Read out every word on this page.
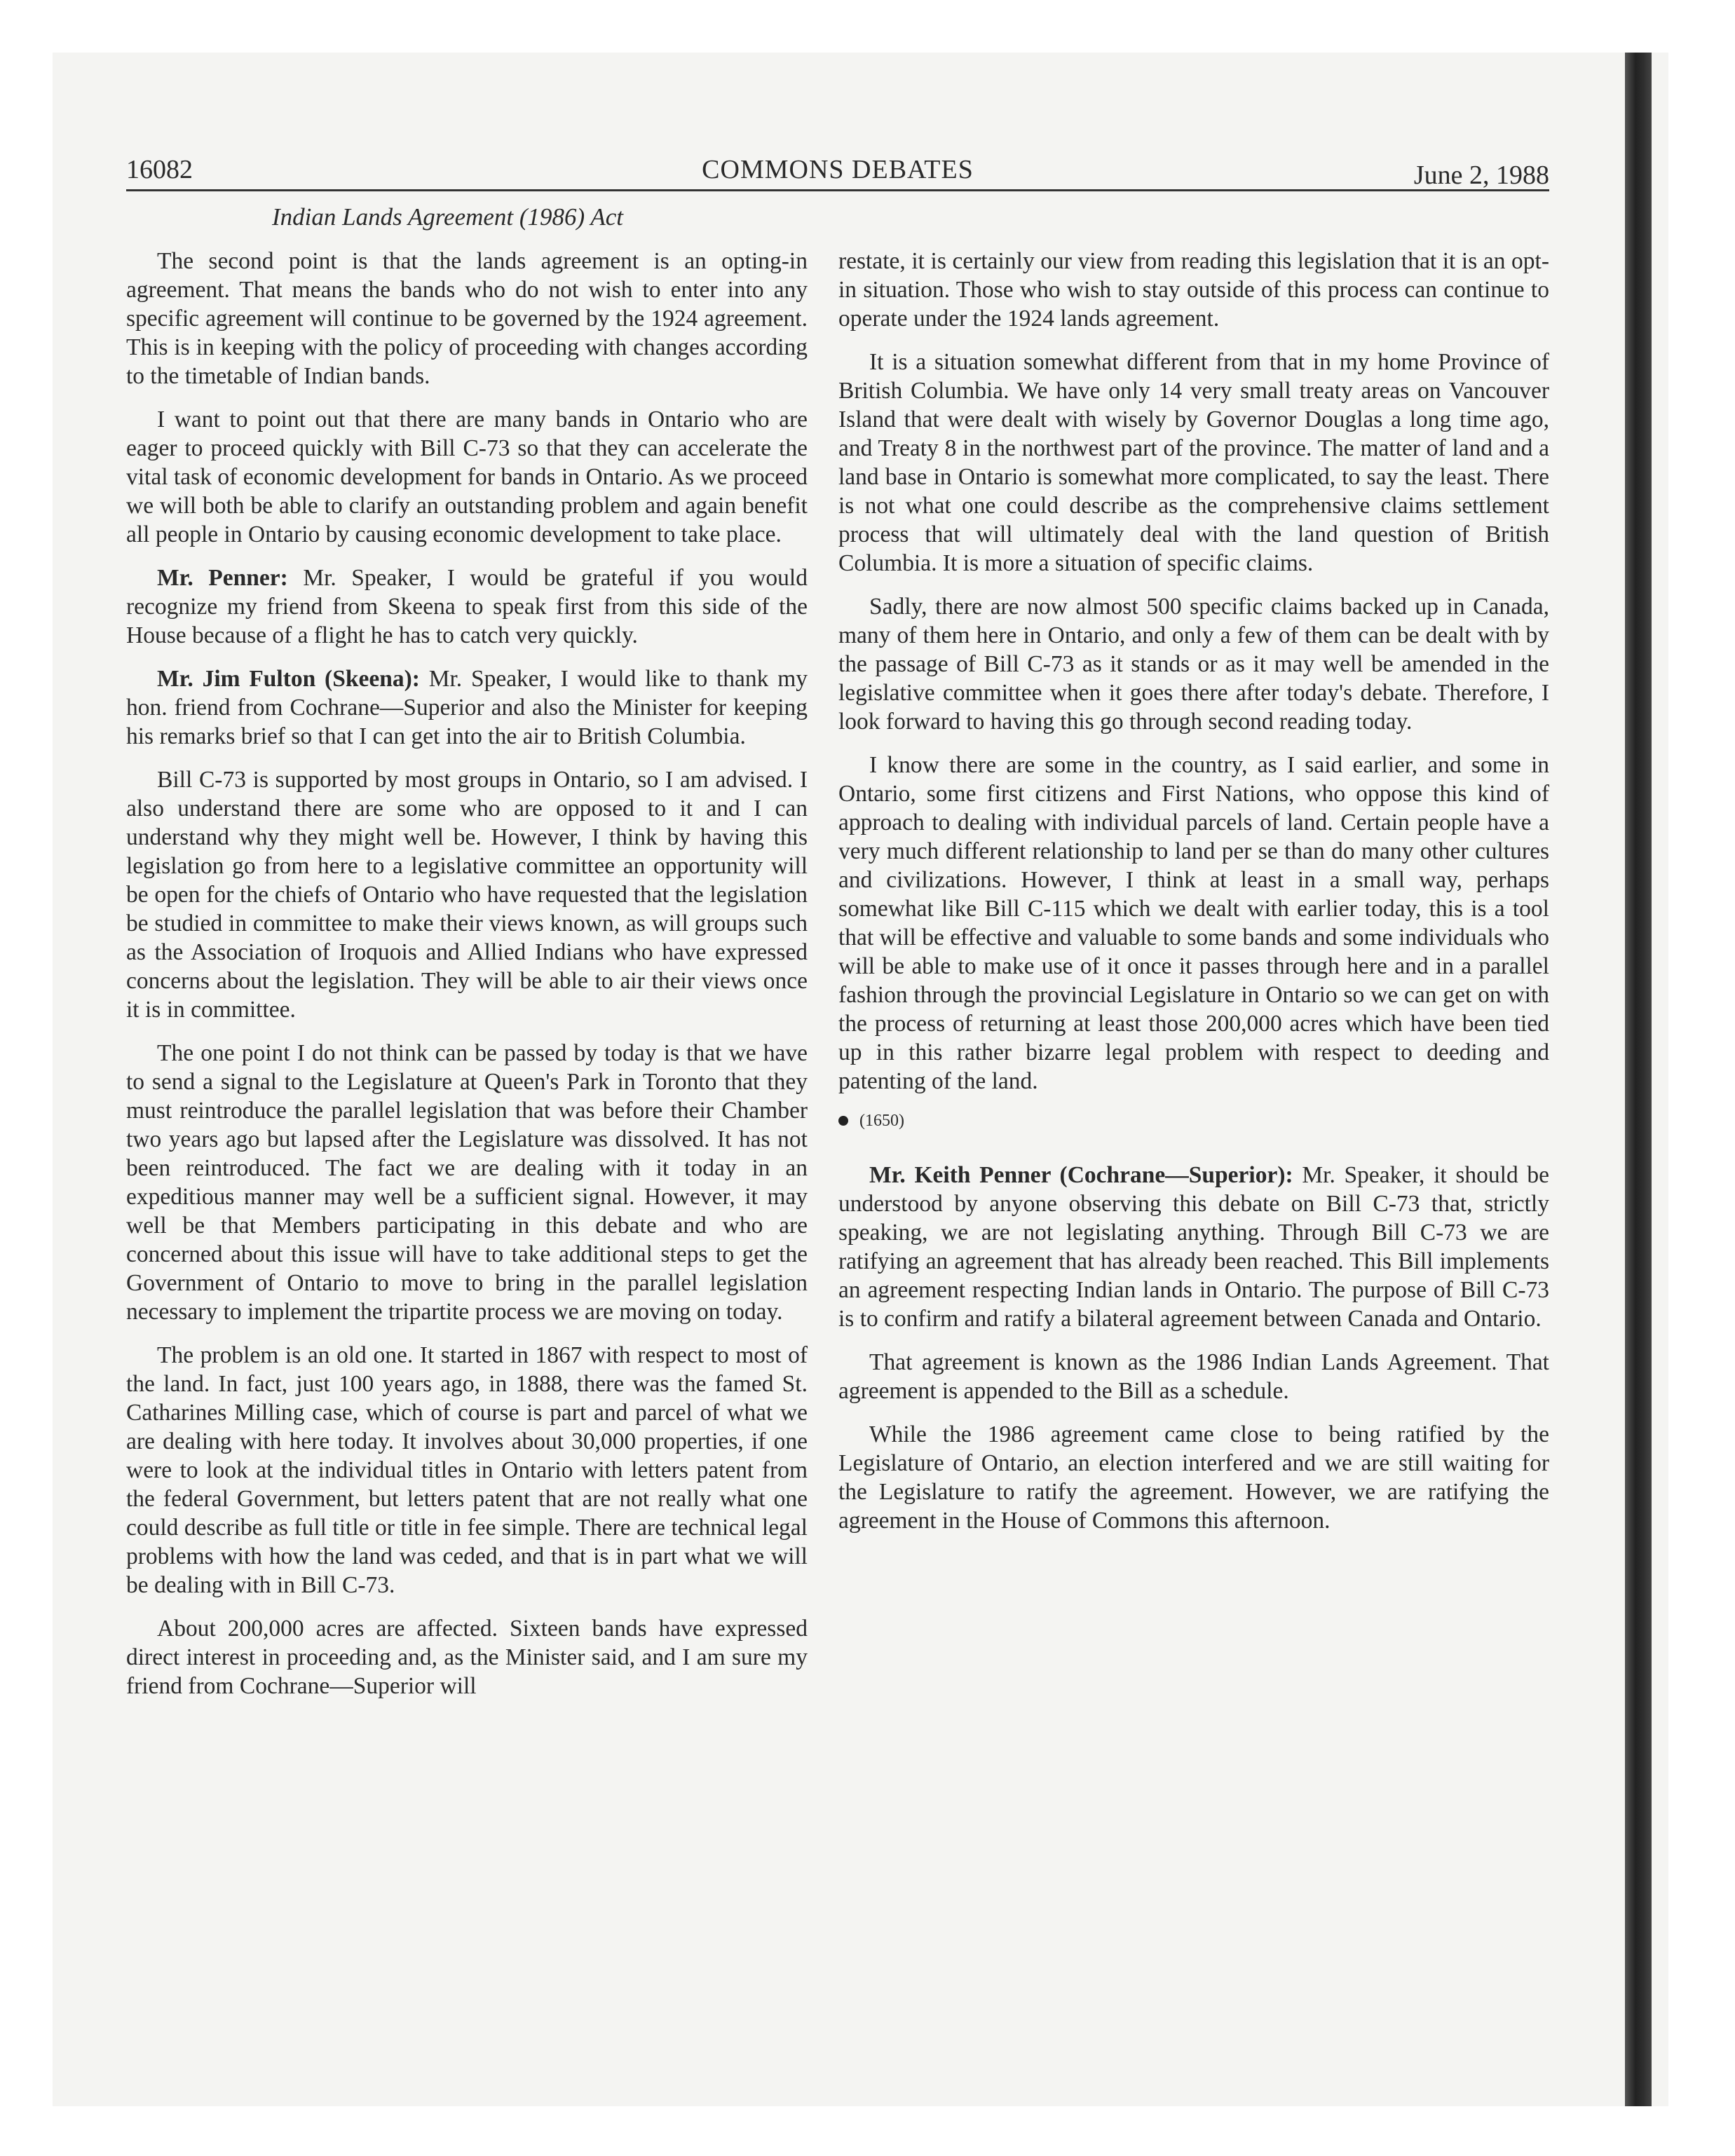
16082	COMMONS DEBATES	June 2, 1988
Indian Lands Agreement (1986) Act

The second point is that the lands agreement is an opting-in agreement. That means the bands who do not wish to enter into any specific agreement will continue to be governed by the 1924 agreement. This is in keeping with the policy of proceeding with changes according to the timetable of Indian bands.

I want to point out that there are many bands in Ontario who are eager to proceed quickly with Bill C-73 so that they can accelerate the vital task of economic development for bands in Ontario. As we proceed we will both be able to clarify an outstanding problem and again benefit all people in Ontario by causing economic development to take place.

Mr. Penner: Mr. Speaker, I would be grateful if you would recognize my friend from Skeena to speak first from this side of the House because of a flight he has to catch very quickly.

Mr. Jim Fulton (Skeena): Mr. Speaker, I would like to thank my hon. friend from Cochrane—Superior and also the Minister for keeping his remarks brief so that I can get into the air to British Columbia.

Bill C-73 is supported by most groups in Ontario, so I am advised. I also understand there are some who are opposed to it and I can understand why they might well be. However, I think by having this legislation go from here to a legislative committee an opportunity will be open for the chiefs of Ontario who have requested that the legislation be studied in committee to make their views known, as will groups such as the Association of Iroquois and Allied Indians who have expressed concerns about the legislation. They will be able to air their views once it is in committee.

The one point I do not think can be passed by today is that we have to send a signal to the Legislature at Queen's Park in Toronto that they must reintroduce the parallel legislation that was before their Chamber two years ago but lapsed after the Legislature was dissolved. It has not been reintroduced. The fact we are dealing with it today in an expeditious manner may well be a sufficient signal. However, it may well be that Members participating in this debate and who are concerned about this issue will have to take additional steps to get the Government of Ontario to move to bring in the parallel legislation necessary to implement the tripartite process we are moving on today.

The problem is an old one. It started in 1867 with respect to most of the land. In fact, just 100 years ago, in 1888, there was the famed St. Catharines Milling case, which of course is part and parcel of what we are dealing with here today. It involves about 30,000 properties, if one were to look at the individual titles in Ontario with letters patent from the federal Government, but letters patent that are not really what one could describe as full title or title in fee simple. There are technical legal problems with how the land was ceded, and that is in part what we will be dealing with in Bill C-73.

About 200,000 acres are affected. Sixteen bands have expressed direct interest in proceeding and, as the Minister said, and I am sure my friend from Cochrane—Superior will

restate, it is certainly our view from reading this legislation that it is an opt-in situation. Those who wish to stay outside of this process can continue to operate under the 1924 lands agreement.

It is a situation somewhat different from that in my home Province of British Columbia. We have only 14 very small treaty areas on Vancouver Island that were dealt with wisely by Governor Douglas a long time ago, and Treaty 8 in the northwest part of the province. The matter of land and a land base in Ontario is somewhat more complicated, to say the least. There is not what one could describe as the comprehensive claims settlement process that will ultimately deal with the land question of British Columbia. It is more a situation of specific claims.

Sadly, there are now almost 500 specific claims backed up in Canada, many of them here in Ontario, and only a few of them can be dealt with by the passage of Bill C-73 as it stands or as it may well be amended in the legislative committee when it goes there after today's debate. Therefore, I look forward to having this go through second reading today.

I know there are some in the country, as I said earlier, and some in Ontario, some first citizens and First Nations, who oppose this kind of approach to dealing with individual parcels of land. Certain people have a very much different relationship to land per se than do many other cultures and civilizations. However, I think at least in a small way, perhaps somewhat like Bill C-115 which we dealt with earlier today, this is a tool that will be effective and valuable to some bands and some individuals who will be able to make use of it once it passes through here and in a parallel fashion through the provincial Legislature in Ontario so we can get on with the process of returning at least those 200,000 acres which have been tied up in this rather bizarre legal problem with respect to deeding and patenting of the land.

(1650)

Mr. Keith Penner (Cochrane—Superior): Mr. Speaker, it should be understood by anyone observing this debate on Bill C-73 that, strictly speaking, we are not legislating anything. Through Bill C-73 we are ratifying an agreement that has already been reached. This Bill implements an agreement respecting Indian lands in Ontario. The purpose of Bill C-73 is to confirm and ratify a bilateral agreement between Canada and Ontario.

That agreement is known as the 1986 Indian Lands Agreement. That agreement is appended to the Bill as a schedule.

While the 1986 agreement came close to being ratified by the Legislature of Ontario, an election interfered and we are still waiting for the Legislature to ratify the agreement. However, we are ratifying the agreement in the House of Commons this afternoon.
